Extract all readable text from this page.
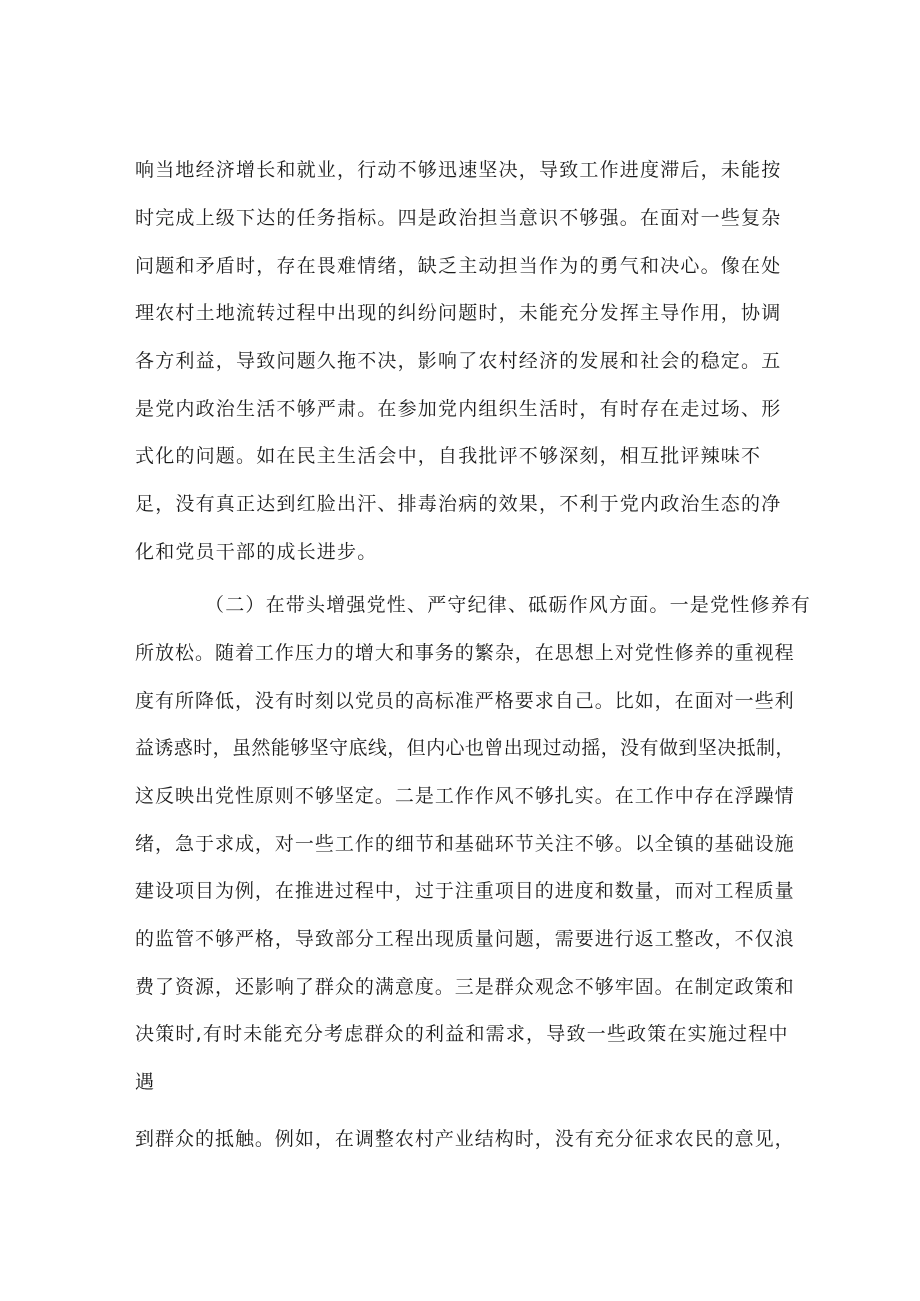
响当地经济增长和就业，行动不够迅速坚决，导致工作进度滞后，未能按
时完成上级下达的任务指标。四是政治担当意识不够强。在面对一些复杂
问题和矛盾时，存在畏难情绪，缺乏主动担当作为的勇气和决心。像在处
理农村土地流转过程中出现的纠纷问题时，未能充分发挥主导作用，协调
各方利益，导致问题久拖不决，影响了农村经济的发展和社会的稳定。五
是党内政治生活不够严肃。在参加党内组织生活时，有时存在走过场、形
式化的问题。如在民主生活会中，自我批评不够深刻，相互批评辣味不
足，没有真正达到红脸出汗、排毒治病的效果，不利于党内政治生态的净
化和党员干部的成长进步。
（二）在带头增强党性、严守纪律、砥砺作风方面。一是党性修养有
所放松。随着工作压力的增大和事务的繁杂，在思想上对党性修养的重视程
度有所降低，没有时刻以党员的高标准严格要求自己。比如，在面对一些利
益诱惑时，虽然能够坚守底线，但内心也曾出现过动摇，没有做到坚决抵制，
这反映出党性原则不够坚定。二是工作作风不够扎实。在工作中存在浮躁情
绪，急于求成，对一些工作的细节和基础环节关注不够。以全镇的基础设施
建设项目为例，在推进过程中，过于注重项目的进度和数量，而对工程质量
的监管不够严格，导致部分工程出现质量问题，需要进行返工整改，不仅浪
费了资源，还影响了群众的满意度。三是群众观念不够牢固。在制定政策和
决策时,有时未能充分考虑群众的利益和需求，导致一些政策在实施过程中
遇
到群众的抵触。例如，在调整农村产业结构时，没有充分征求农民的意见，
